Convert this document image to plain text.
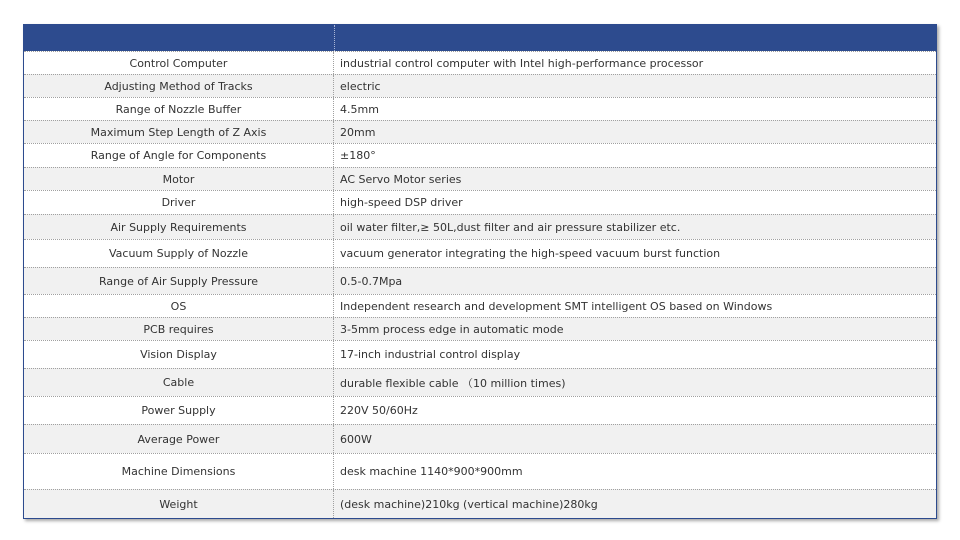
Control Computer	industrial control computer with Intel high-performance processor
Adjusting Method of Tracks	electric
Range of Nozzle Buffer	4.5mm
Maximum Step Length of Z Axis	20mm
Range of Angle for Components	±180°
Motor	AC Servo Motor series
Driver	high-speed DSP driver
Air Supply Requirements	oil water filter,≥ 50L,dust filter and air pressure stabilizer etc.
Vacuum Supply of Nozzle	vacuum generator integrating the high-speed vacuum burst function
Range of Air Supply Pressure	0.5-0.7Mpa
OS	Independent research and development SMT intelligent OS based on Windows
PCB requires	3-5mm process edge in automatic mode
Vision Display	17-inch industrial control display
Cable	durable flexible cable （10 million times)
Power Supply	220V 50/60Hz
Average Power	600W
Machine Dimensions	desk machine 1140*900*900mm
Weight	(desk machine)210kg (vertical machine)280kg
